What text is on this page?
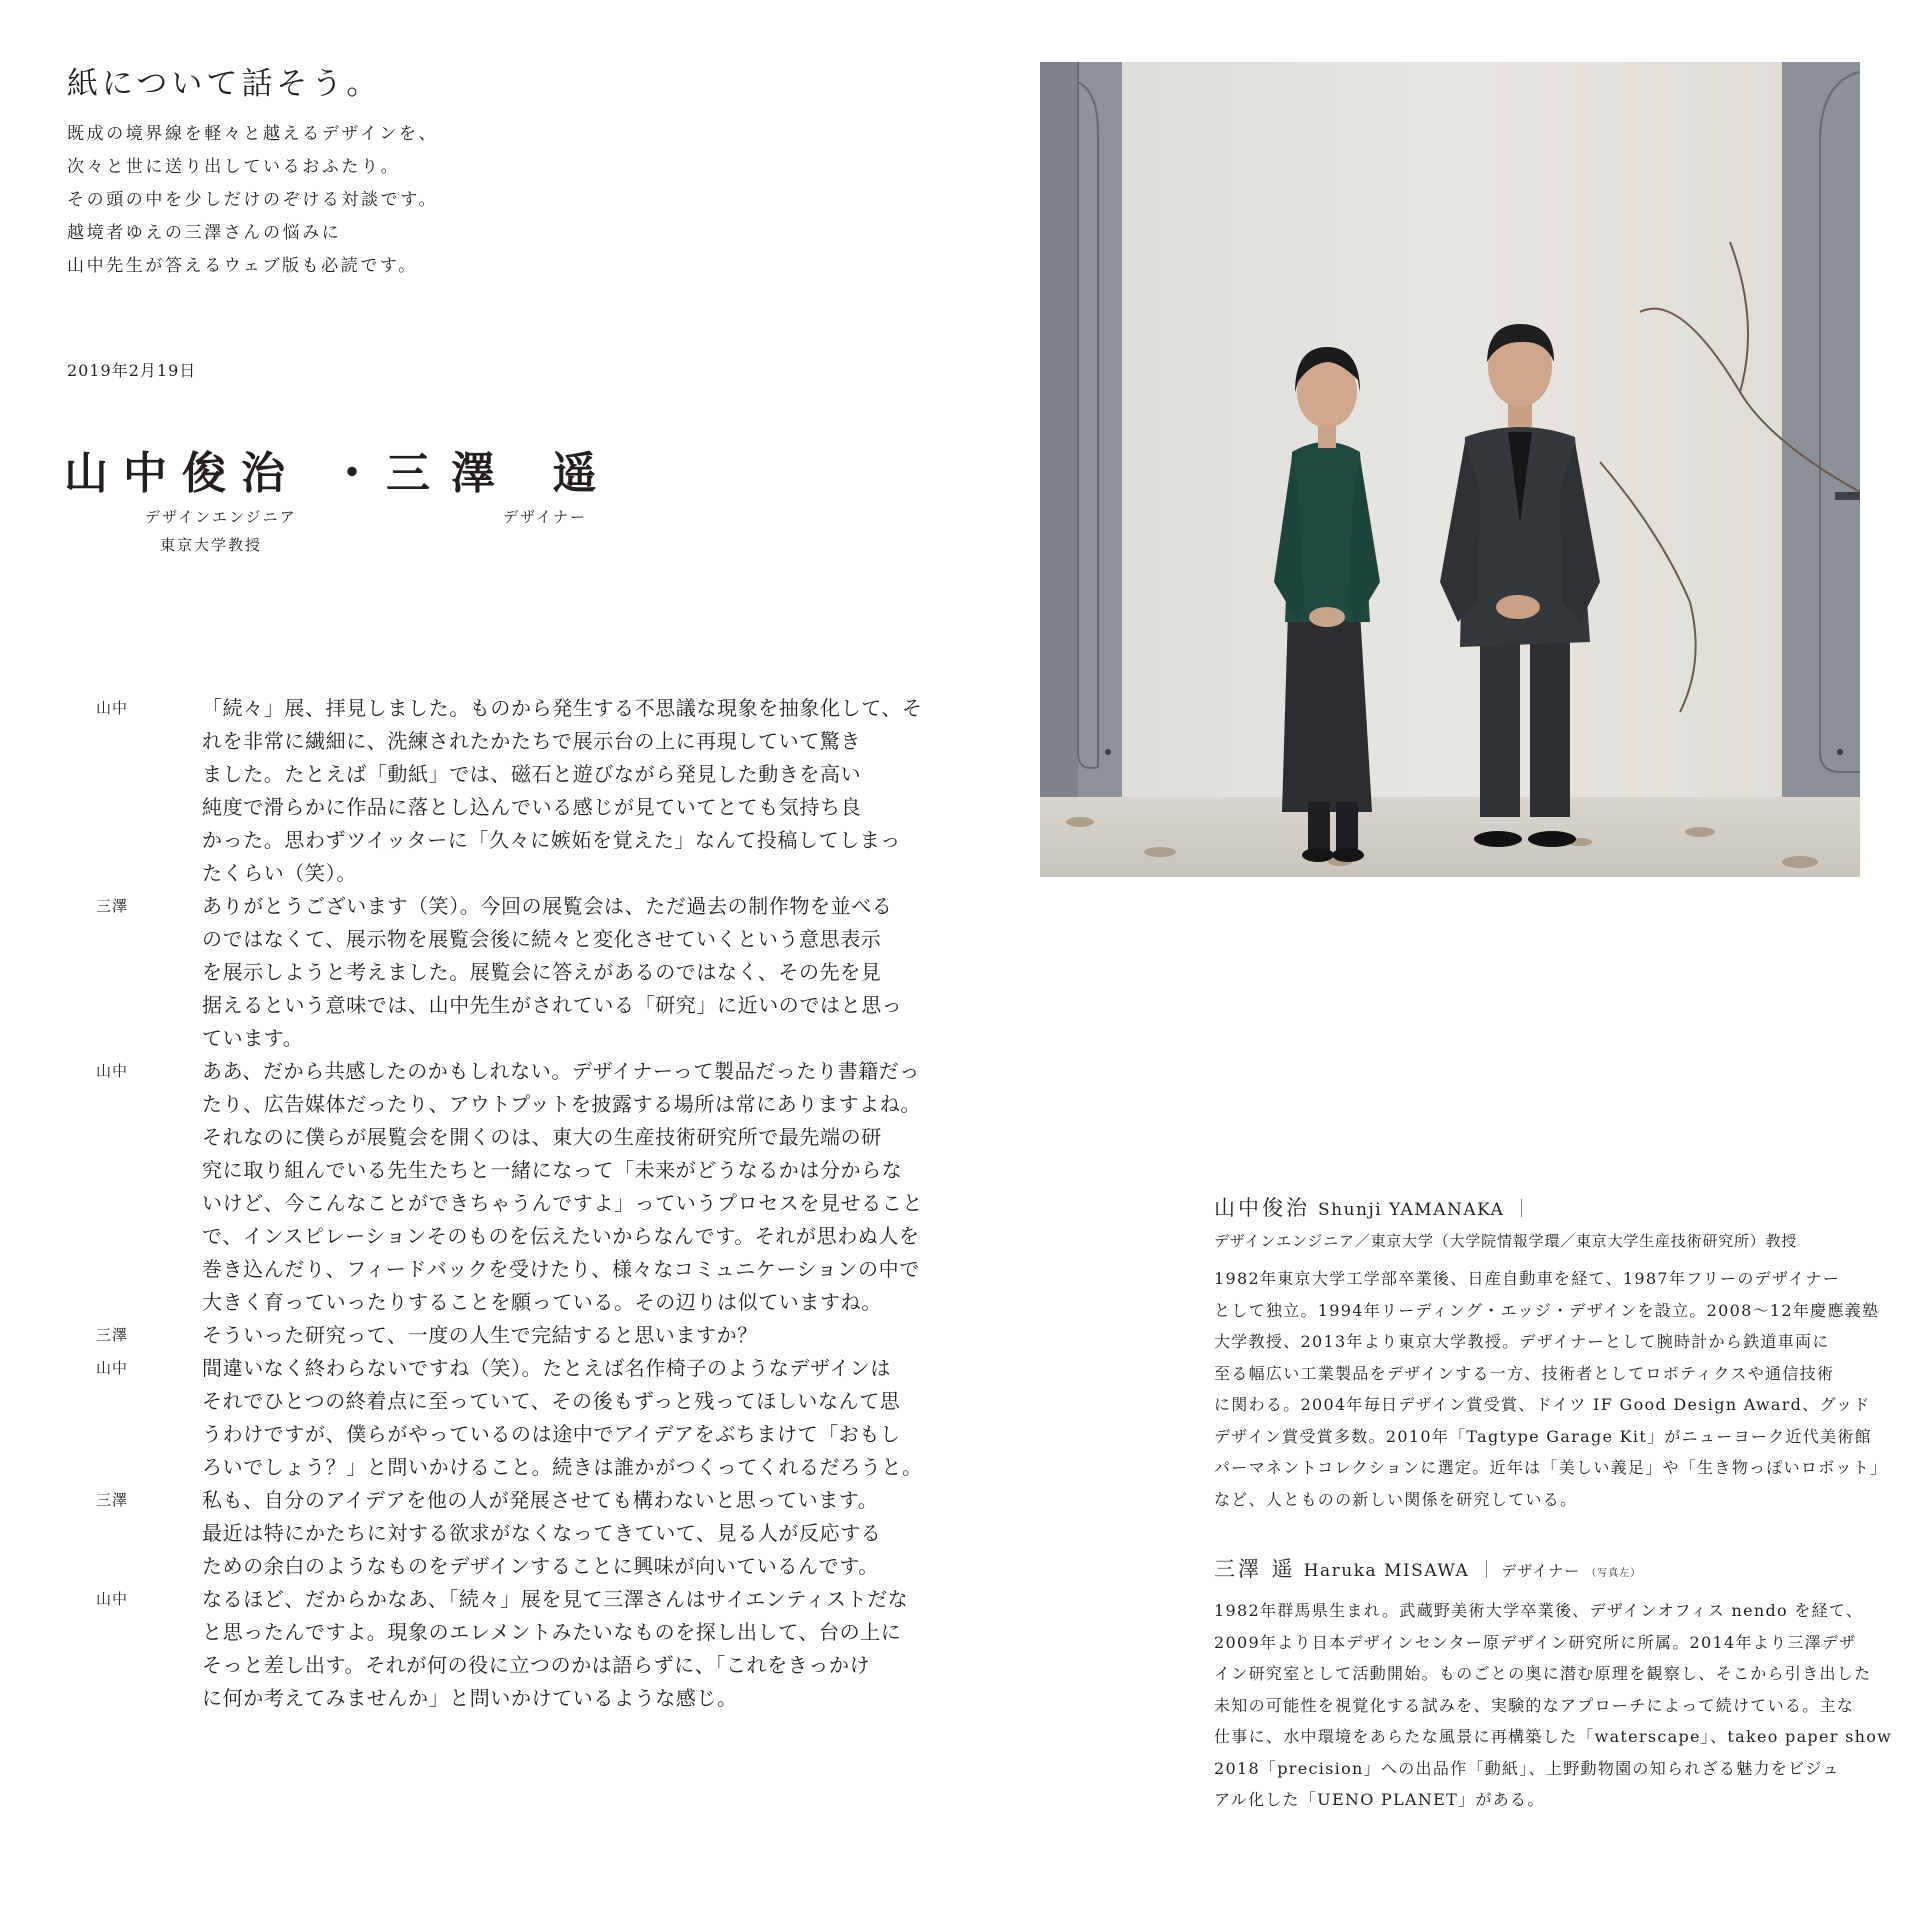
紙について話そう。
既成の境界線を軽々と越えるデザインを、
次々と世に送り出しているおふたり。
その頭の中を少しだけのぞける対談です。
越境者ゆえの三澤さんの悩みに
山中先生が答えるウェブ版も必読です。
2019年2月19日
山中俊治 ・
三澤 遥
デザインエンジニア
東京大学教授
デザイナー
山中	「続々」展、拝見しました。ものから発生する不思議な現象を抽象化して、そ
れを非常に繊細に、洗練されたかたちで展示台の上に再現していて驚き
ました。たとえば「動紙」では、磁石と遊びながら発見した動きを高い
純度で滑らかに作品に落とし込んでいる感じが見ていてとても気持ち良
かった。思わずツイッターに「久々に嫉妬を覚えた」なんて投稿してしまっ
たくらい（笑）。
三澤	ありがとうございます（笑）。今回の展覧会は、ただ過去の制作物を並べる
のではなくて、展示物を展覧会後に続々と変化させていくという意思表示
を展示しようと考えました。展覧会に答えがあるのではなく、その先を見
据えるという意味では、山中先生がされている「研究」に近いのではと思っ
ています。
山中	ああ、だから共感したのかもしれない。デザイナーって製品だったり書籍だっ
たり、広告媒体だったり、アウトプットを披露する場所は常にありますよね。
それなのに僕らが展覧会を開くのは、東大の生産技術研究所で最先端の研
究に取り組んでいる先生たちと一緒になって「未来がどうなるかは分からな
いけど、今こんなことができちゃうんですよ」っていうプロセスを見せること
で、インスピレーションそのものを伝えたいからなんです。それが思わぬ人を
巻き込んだり、フィードバックを受けたり、様々なコミュニケーションの中で
大きく育っていったりすることを願っている。その辺りは似ていますね。
三澤	そういった研究って、一度の人生で完結すると思いますか？
山中	間違いなく終わらないですね（笑）。たとえば名作椅子のようなデザインは
それでひとつの終着点に至っていて、その後もずっと残ってほしいなんて思
うわけですが、僕らがやっているのは途中でアイデアをぶちまけて「おもし
ろいでしょう？」と問いかけること。続きは誰かがつくってくれるだろうと。
三澤	私も、自分のアイデアを他の人が発展させても構わないと思っています。
最近は特にかたちに対する欲求がなくなってきていて、見る人が反応する
ための余白のようなものをデザインすることに興味が向いているんです。
山中	なるほど、だからかなあ、「続々」展を見て三澤さんはサイエンティストだな
と思ったんですよ。現象のエレメントみたいなものを探し出して、台の上に
そっと差し出す。それが何の役に立つのかは語らずに、「これをきっかけ
に何か考えてみませんか」と問いかけているような感じ。
山中俊治 Shunji YAMANAKA ｜
デザインエンジニア／東京大学（大学院情報学環／東京大学生産技術研究所）教授
1982年東京大学工学部卒業後、日産自動車を経て、1987年フリーのデザイナー
として独立。1994年リーディング・エッジ・デザインを設立。2008〜12年慶應義塾
大学教授、2013年より東京大学教授。デザイナーとして腕時計から鉄道車両に
至る幅広い工業製品をデザインする一方、技術者としてロボティクスや通信技術
に関わる。2004年毎日デザイン賞受賞、ドイツ IF Good Design Award、グッド
デザイン賞受賞多数。2010年「Tagtype Garage Kit」がニューヨーク近代美術館
パーマネントコレクションに選定。近年は「美しい義足」や「生き物っぽいロボット」
など、人とものの新しい関係を研究している。
三澤 遥 Haruka MISAWA ｜ デザイナー （写真左）
1982年群馬県生まれ。武蔵野美術大学卒業後、デザインオフィス nendo を経て、
2009年より日本デザインセンター原デザイン研究所に所属。2014年より三澤デザ
イン研究室として活動開始。ものごとの奥に潜む原理を観察し、そこから引き出した
未知の可能性を視覚化する試みを、実験的なアプローチによって続けている。主な
仕事に、水中環境をあらたな風景に再構築した「waterscape」、takeo paper show
2018「precision」への出品作「動紙」、上野動物園の知られざる魅力をビジュ
アル化した「UENO PLANET」がある。
